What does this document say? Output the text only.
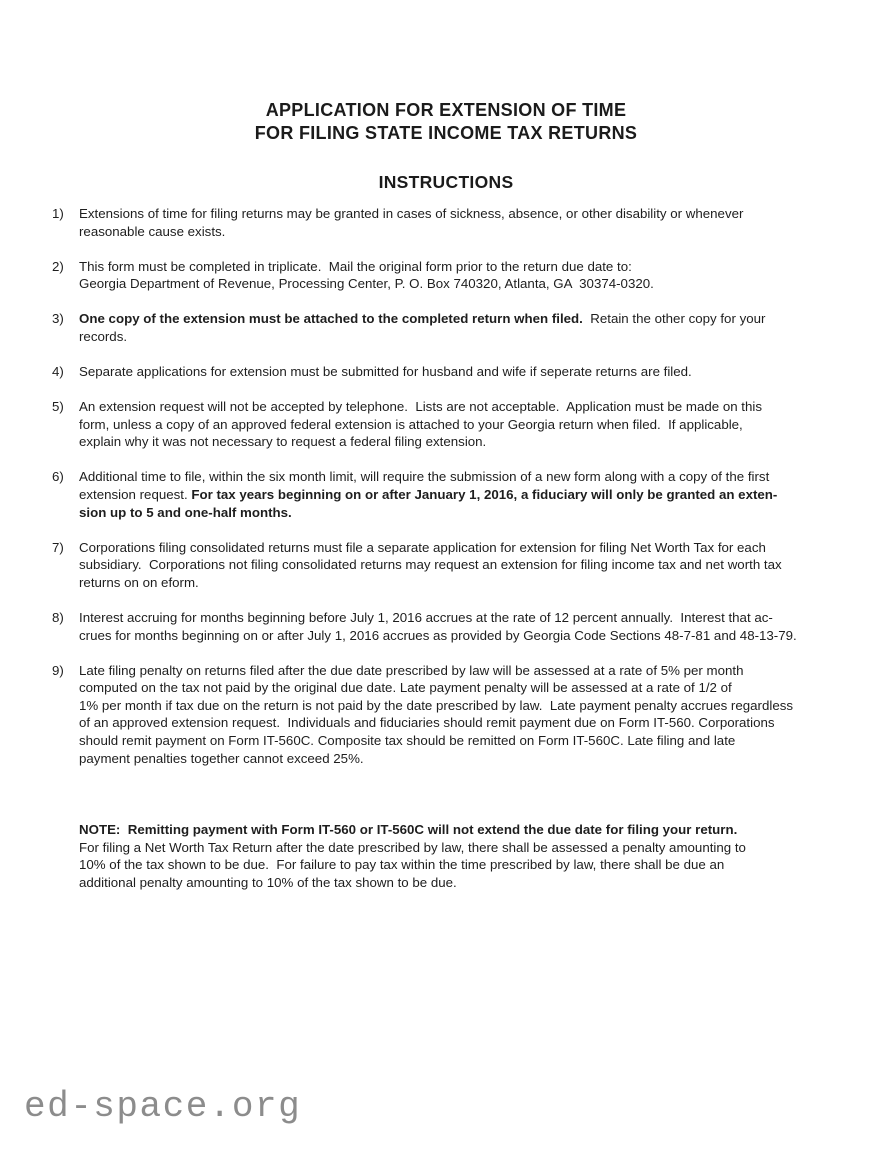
APPLICATION FOR EXTENSION OF TIME
FOR FILING STATE INCOME TAX RETURNS
INSTRUCTIONS
1)	Extensions of time for filing returns may be granted in cases of sickness, absence, or other disability or whenever
reasonable cause exists.
2)	This form must be completed in triplicate.  Mail the original form prior to the return due date to:
Georgia Department of Revenue, Processing Center, P. O. Box 740320, Atlanta, GA  30374-0320.
3)	One copy of the extension must be attached to the completed return when filed.  Retain the other copy for your
records.
4)	Separate applications for extension must be submitted for husband and wife if seperate returns are filed.
5)	An extension request will not be accepted by telephone.  Lists are not acceptable.  Application must be made on this
form, unless a copy of an approved federal extension is attached to your Georgia return when filed.  If applicable,
explain why it was not necessary to request a federal filing extension.
6)	Additional time to file, within the six month limit, will require the submission of a new form along with a copy of the first
extension request. For tax years beginning on or after January 1, 2016, a fiduciary will only be granted an exten-
sion up to 5 and one-half months.
7)	Corporations filing consolidated returns must file a separate application for extension for filing Net Worth Tax for each
subsidiary.  Corporations not filing consolidated returns may request an extension for filing income tax and net worth tax
returns on on eform.
8)	Interest accruing for months beginning before July 1, 2016 accrues at the rate of 12 percent annually.  Interest that ac-
crues for months beginning on or after July 1, 2016 accrues as provided by Georgia Code Sections 48-7-81 and 48-13-79.
9)	Late filing penalty on returns filed after the due date prescribed by law will be assessed at a rate of 5% per month
computed on the tax not paid by the original due date. Late payment penalty will be assessed at a rate of 1/2 of
1% per month if tax due on the return is not paid by the date prescribed by law.  Late payment penalty accrues regardless
of an approved extension request.  Individuals and fiduciaries should remit payment due on Form IT-560. Corporations
should remit payment on Form IT-560C. Composite tax should be remitted on Form IT-560C. Late filing and late
payment penalties together cannot exceed 25%.
NOTE:  Remitting payment with Form IT-560 or IT-560C will not extend the due date for filing your return.
For filing a Net Worth Tax Return after the date prescribed by law, there shall be assessed a penalty amounting to
10% of the tax shown to be due.  For failure to pay tax within the time prescribed by law, there shall be due an
additional penalty amounting to 10% of the tax shown to be due.
ed-space.org
